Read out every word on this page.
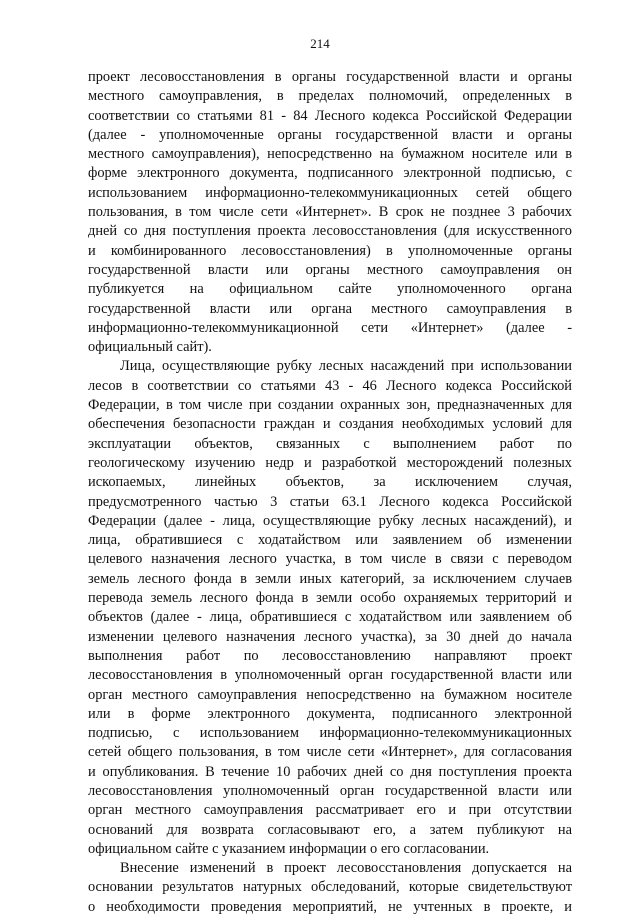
214
проект лесовосстановления в органы государственной власти и органы
местного самоуправления, в пределах полномочий, определенных в
соответствии со статьями 81 - 84 Лесного кодекса Российской Федерации
(далее - уполномоченные органы государственной власти и органы
местного самоуправления), непосредственно на бумажном носителе или в
форме электронного документа, подписанного электронной подписью, с
использованием информационно-телекоммуникационных сетей общего
пользования, в том числе сети «Интернет». В срок не позднее 3 рабочих
дней со дня поступления проекта лесовосстановления (для искусственного
и комбинированного лесовосстановления) в уполномоченные органы
государственной власти или органы местного самоуправления он
публикуется на официальном сайте уполномоченного органа
государственной власти или органа местного самоуправления в
информационно-телекоммуникационной сети «Интернет» (далее -
официальный сайт).
Лица, осуществляющие рубку лесных насаждений при использовании
лесов в соответствии со статьями 43 - 46 Лесного кодекса Российской
Федерации, в том числе при создании охранных зон, предназначенных для
обеспечения безопасности граждан и создания необходимых условий для
эксплуатации объектов, связанных с выполнением работ по
геологическому изучению недр и разработкой месторождений полезных
ископаемых, линейных объектов, за исключением случая,
предусмотренного частью 3 статьи 63.1 Лесного кодекса Российской
Федерации (далее - лица, осуществляющие рубку лесных насаждений), и
лица, обратившиеся с ходатайством или заявлением об изменении
целевого назначения лесного участка, в том числе в связи с переводом
земель лесного фонда в земли иных категорий, за исключением случаев
перевода земель лесного фонда в земли особо охраняемых территорий и
объектов (далее - лица, обратившиеся с ходатайством или заявлением об
изменении целевого назначения лесного участка), за 30 дней до начала
выполнения работ по лесовосстановлению направляют проект
лесовосстановления в уполномоченный орган государственной власти или
орган местного самоуправления непосредственно на бумажном носителе
или в форме электронного документа, подписанного электронной
подписью, с использованием информационно-телекоммуникационных
сетей общего пользования, в том числе сети «Интернет», для согласования
и опубликования. В течение 10 рабочих дней со дня поступления проекта
лесовосстановления уполномоченный орган государственной власти или
орган местного самоуправления рассматривает его и при отсутствии
оснований для возврата согласовывают его, а затем публикуют на
официальном сайте с указанием информации о его согласовании.
Внесение изменений в проект лесовосстановления допускается на
основании результатов натурных обследований, которые свидетельствуют
о необходимости проведения мероприятий, не учтенных в проекте, и
